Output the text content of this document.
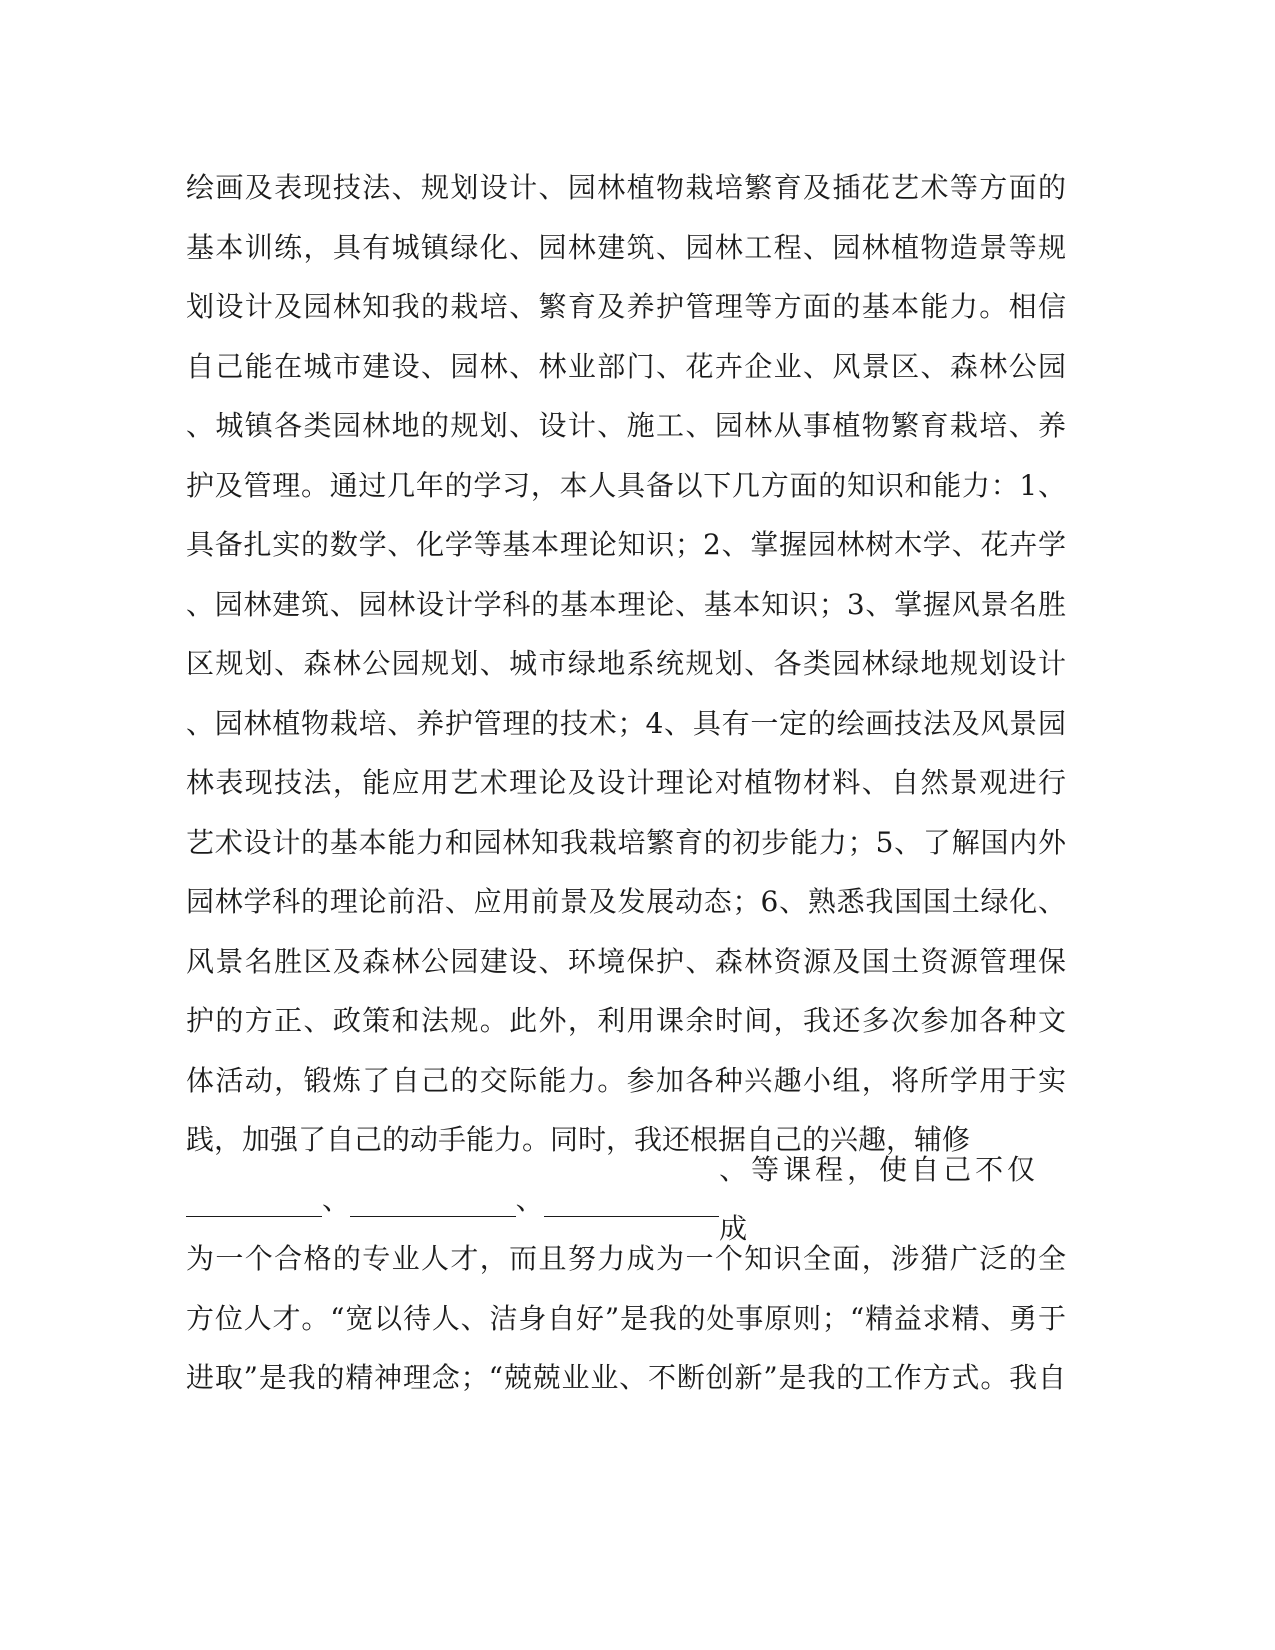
绘画及表现技法、规划设计、园林植物栽培繁育及插花艺术等方面的
基本训练，具有城镇绿化、园林建筑、园林工程、园林植物造景等规
划设计及园林知我的栽培、繁育及养护管理等方面的基本能力。相信
自己能在城市建设、园林、林业部门、花卉企业、风景区、森林公园
、城镇各类园林地的规划、设计、施工、园林从事植物繁育栽培、养
护及管理。通过几年的学习，本人具备以下几方面的知识和能力：1、
具备扎实的数学、化学等基本理论知识；2、掌握园林树木学、花卉学
、园林建筑、园林设计学科的基本理论、基本知识；3、掌握风景名胜
区规划、森林公园规划、城市绿地系统规划、各类园林绿地规划设计
、园林植物栽培、养护管理的技术；4、具有一定的绘画技法及风景园
林表现技法，能应用艺术理论及设计理论对植物材料、自然景观进行
艺术设计的基本能力和园林知我栽培繁育的初步能力；5、了解国内外
园林学科的理论前沿、应用前景及发展动态；6、熟悉我国国土绿化、
风景名胜区及森林公园建设、环境保护、森林资源及国土资源管理保
护的方正、政策和法规。此外，利用课余时间，我还多次参加各种文
体活动，锻炼了自己的交际能力。参加各种兴趣小组，将所学用于实
践，加强了自己的动手能力。同时，我还根据自己的兴趣，辅修
、	、
、等课程，使自己不仅成
为一个合格的专业人才，而且努力成为一个知识全面，涉猎广泛的全
方位人才。“宽以待人、洁身自好”是我的处事原则；“精益求精、勇于
进取”是我的精神理念；“兢兢业业、不断创新”是我的工作方式。我自
